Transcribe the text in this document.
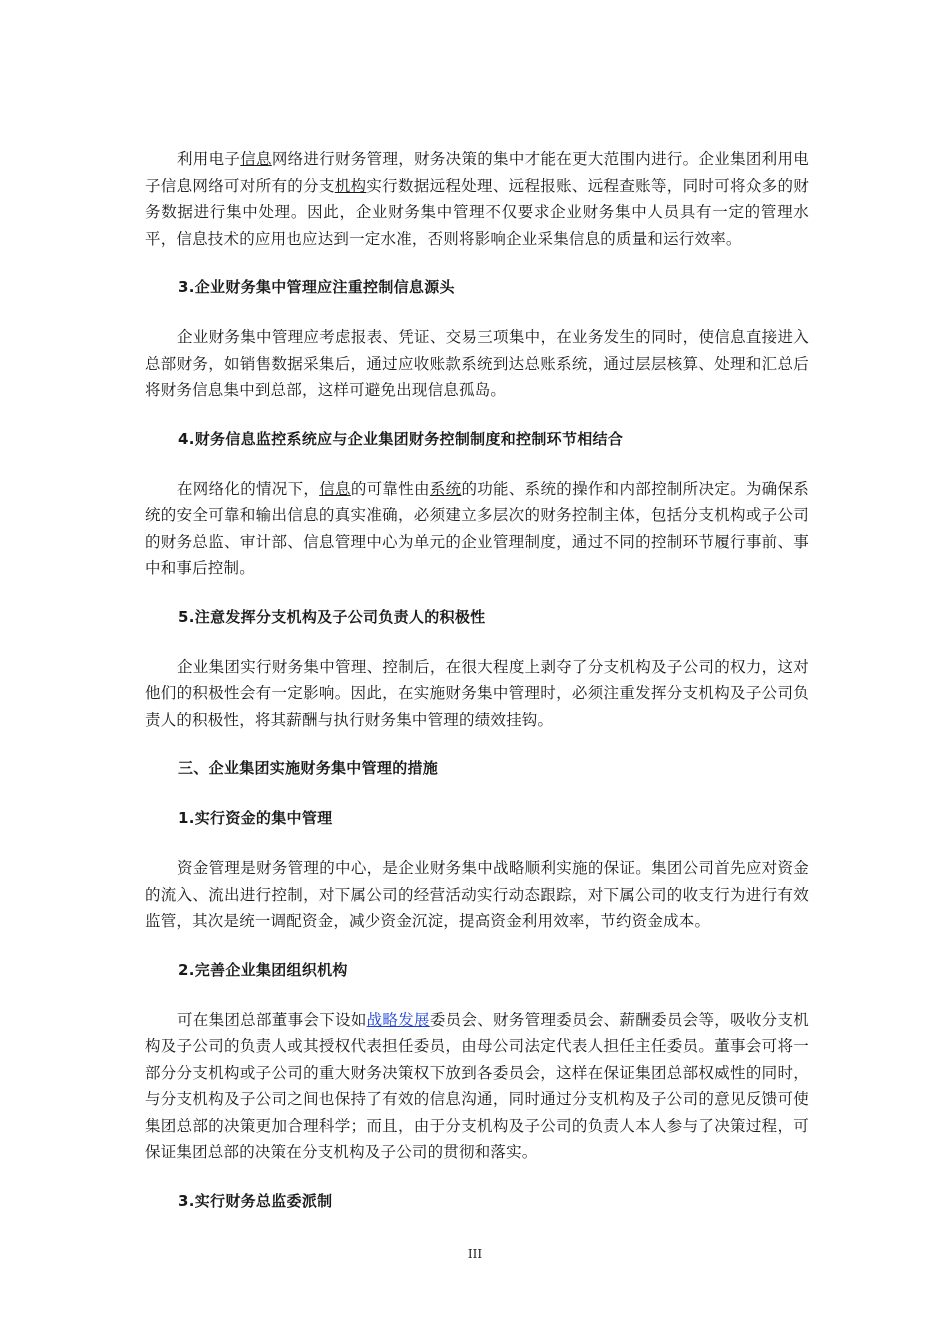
利用电子信息网络进行财务管理，财务决策的集中才能在更大范围内进行。企业集团利用电子信息网络可对所有的分支机构实行数据远程处理、远程报账、远程查账等，同时可将众多的财务数据进行集中处理。因此，企业财务集中管理不仅要求企业财务集中人员具有一定的管理水平，信息技术的应用也应达到一定水准，否则将影响企业采集信息的质量和运行效率。

3.企业财务集中管理应注重控制信息源头

企业财务集中管理应考虑报表、凭证、交易三项集中，在业务发生的同时，使信息直接进入总部财务，如销售数据采集后，通过应收账款系统到达总账系统，通过层层核算、处理和汇总后将财务信息集中到总部，这样可避免出现信息孤岛。

4.财务信息监控系统应与企业集团财务控制制度和控制环节相结合

在网络化的情况下，信息的可靠性由系统的功能、系统的操作和内部控制所决定。为确保系统的安全可靠和输出信息的真实准确，必须建立多层次的财务控制主体，包括分支机构或子公司的财务总监、审计部、信息管理中心为单元的企业管理制度，通过不同的控制环节履行事前、事中和事后控制。

5.注意发挥分支机构及子公司负责人的积极性

企业集团实行财务集中管理、控制后，在很大程度上剥夺了分支机构及子公司的权力，这对他们的积极性会有一定影响。因此，在实施财务集中管理时，必须注重发挥分支机构及子公司负责人的积极性，将其薪酬与执行财务集中管理的绩效挂钩。

三、企业集团实施财务集中管理的措施
1.实行资金的集中管理

资金管理是财务管理的中心，是企业财务集中战略顺利实施的保证。集团公司首先应对资金的流入、流出进行控制，对下属公司的经营活动实行动态跟踪，对下属公司的收支行为进行有效监管，其次是统一调配资金，减少资金沉淀，提高资金利用效率，节约资金成本。

2.完善企业集团组织机构

可在集团总部董事会下设如战略发展委员会、财务管理委员会、薪酬委员会等，吸收分支机构及子公司的负责人或其授权代表担任委员，由母公司法定代表人担任主任委员。董事会可将一部分分支机构或子公司的重大财务决策权下放到各委员会，这样在保证集团总部权威性的同时，与分支机构及子公司之间也保持了有效的信息沟通，同时通过分支机构及子公司的意见反馈可使集团总部的决策更加合理科学；而且，由于分支机构及子公司的负责人本人参与了决策过程，可保证集团总部的决策在分支机构及子公司的贯彻和落实。

3.实行财务总监委派制
III
